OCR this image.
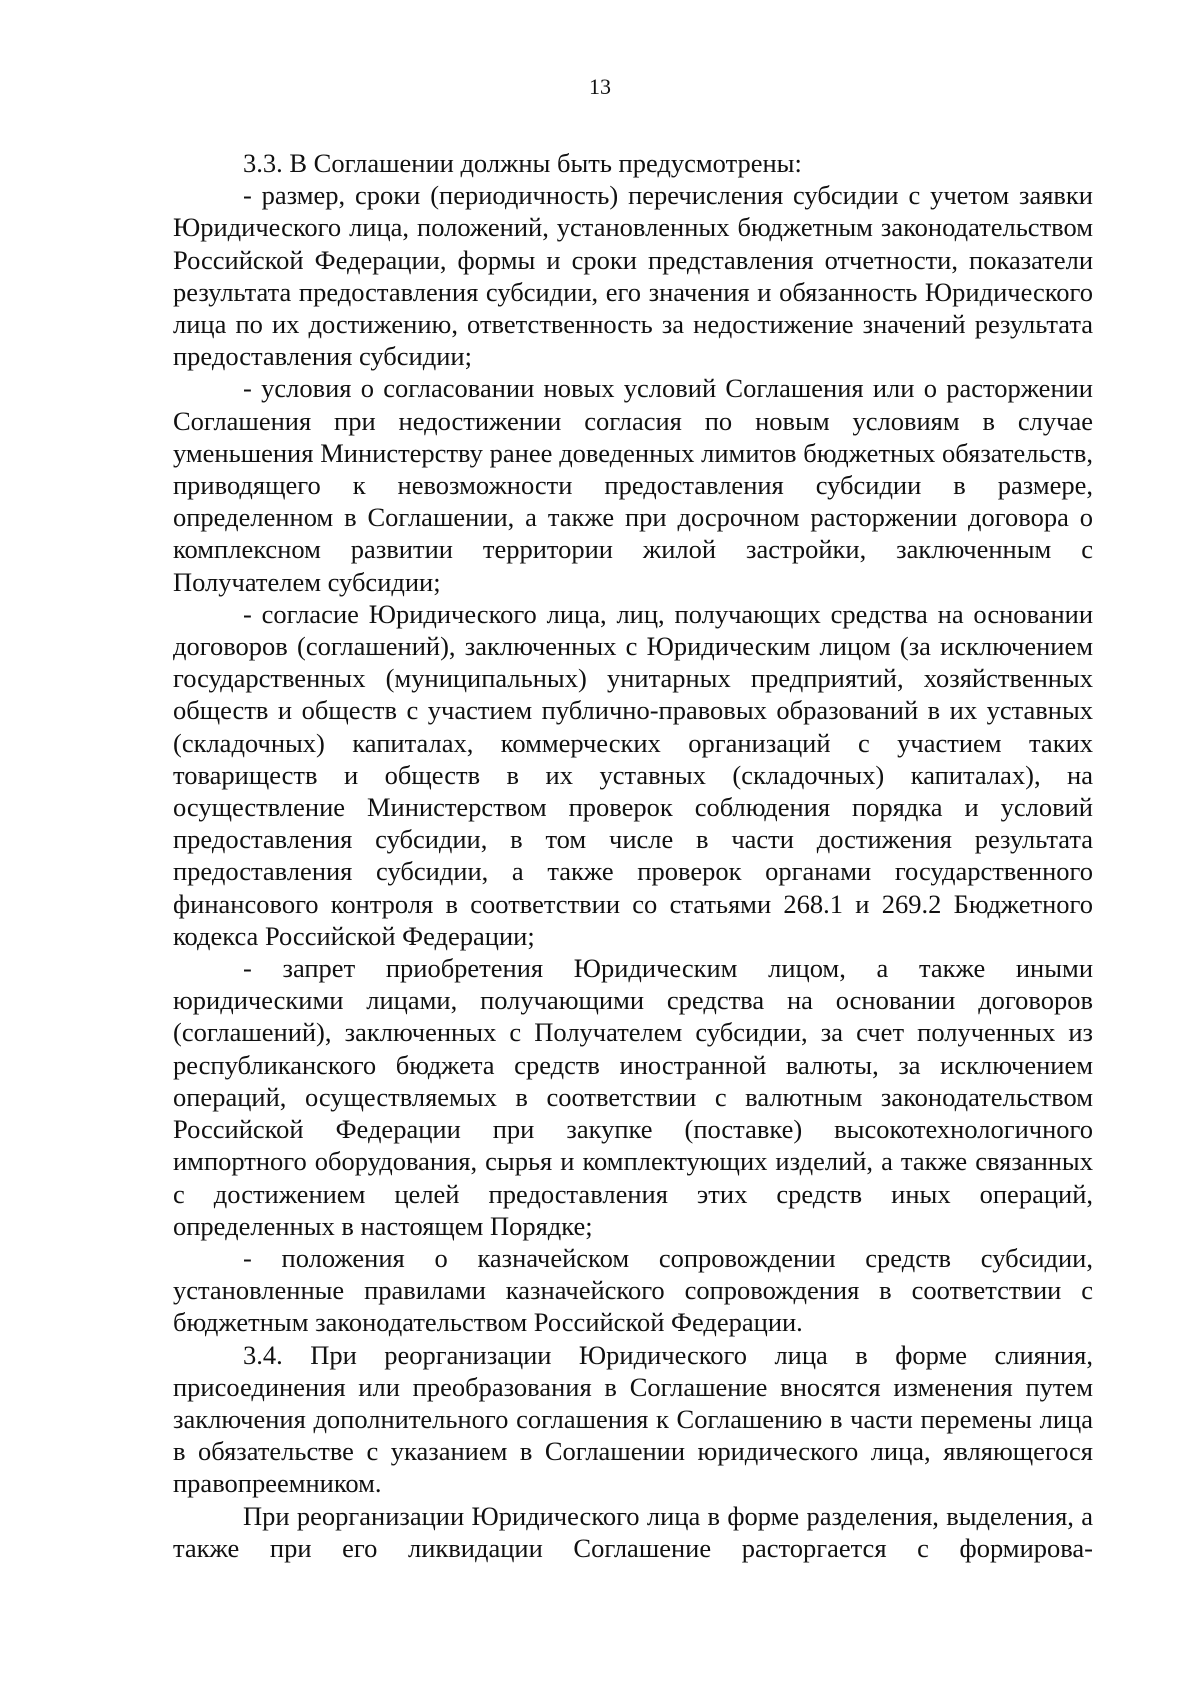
13

3.3. В Соглашении должны быть предусмотрены:

- размер, сроки (периодичность) перечисления субсидии с учетом заявки Юридического лица, положений, установленных бюджетным законодательством Российской Федерации, формы и сроки представления отчетности, показатели результата предоставления субсидии, его значения и обязанность Юридического лица по их достижению, ответственность за недостижение значений результата предоставления субсидии;

- условия о согласовании новых условий Соглашения или о расторжении Соглашения при недостижении согласия по новым условиям в случае уменьшения Министерству ранее доведенных лимитов бюджетных обязательств, приводящего к невозможности предоставления субсидии в размере, определенном в Соглашении, а также при досрочном расторжении договора о комплексном развитии территории жилой застройки, заключенным с Получателем субсидии;

- согласие Юридического лица, лиц, получающих средства на основании договоров (соглашений), заключенных с Юридическим лицом (за исключением государственных (муниципальных) унитарных предприятий, хозяйственных обществ и обществ с участием публично-правовых образований в их уставных (складочных) капиталах, коммерческих организаций с участием таких товариществ и обществ в их уставных (складочных) капиталах), на осуществление Министерством проверок соблюдения порядка и условий предоставления субсидии, в том числе в части достижения результата предоставления субсидии, а также проверок органами государственного финансового контроля в соответствии со статьями 268.1 и 269.2 Бюджетного кодекса Российской Федерации;

- запрет приобретения Юридическим лицом, а также иными юридическими лицами, получающими средства на основании договоров (соглашений), заключенных с Получателем субсидии, за счет полученных из республиканского бюджета средств иностранной валюты, за исключением операций, осуществляемых в соответствии с валютным законодательством Российской Федерации при закупке (поставке) высокотехнологичного импортного оборудования, сырья и комплектующих изделий, а также связанных с достижением целей предоставления этих средств иных операций, определенных в настоящем Порядке;

- положения о казначейском сопровождении средств субсидии, установленные правилами казначейского сопровождения в соответствии с бюджетным законодательством Российской Федерации.

3.4. При реорганизации Юридического лица в форме слияния, присоединения или преобразования в Соглашение вносятся изменения путем заключения дополнительного соглашения к Соглашению в части перемены лица в обязательстве с указанием в Соглашении юридического лица, являющегося правопреемником.

При реорганизации Юридического лица в форме разделения, выделения, а также при его ликвидации Соглашение расторгается с формирова-
